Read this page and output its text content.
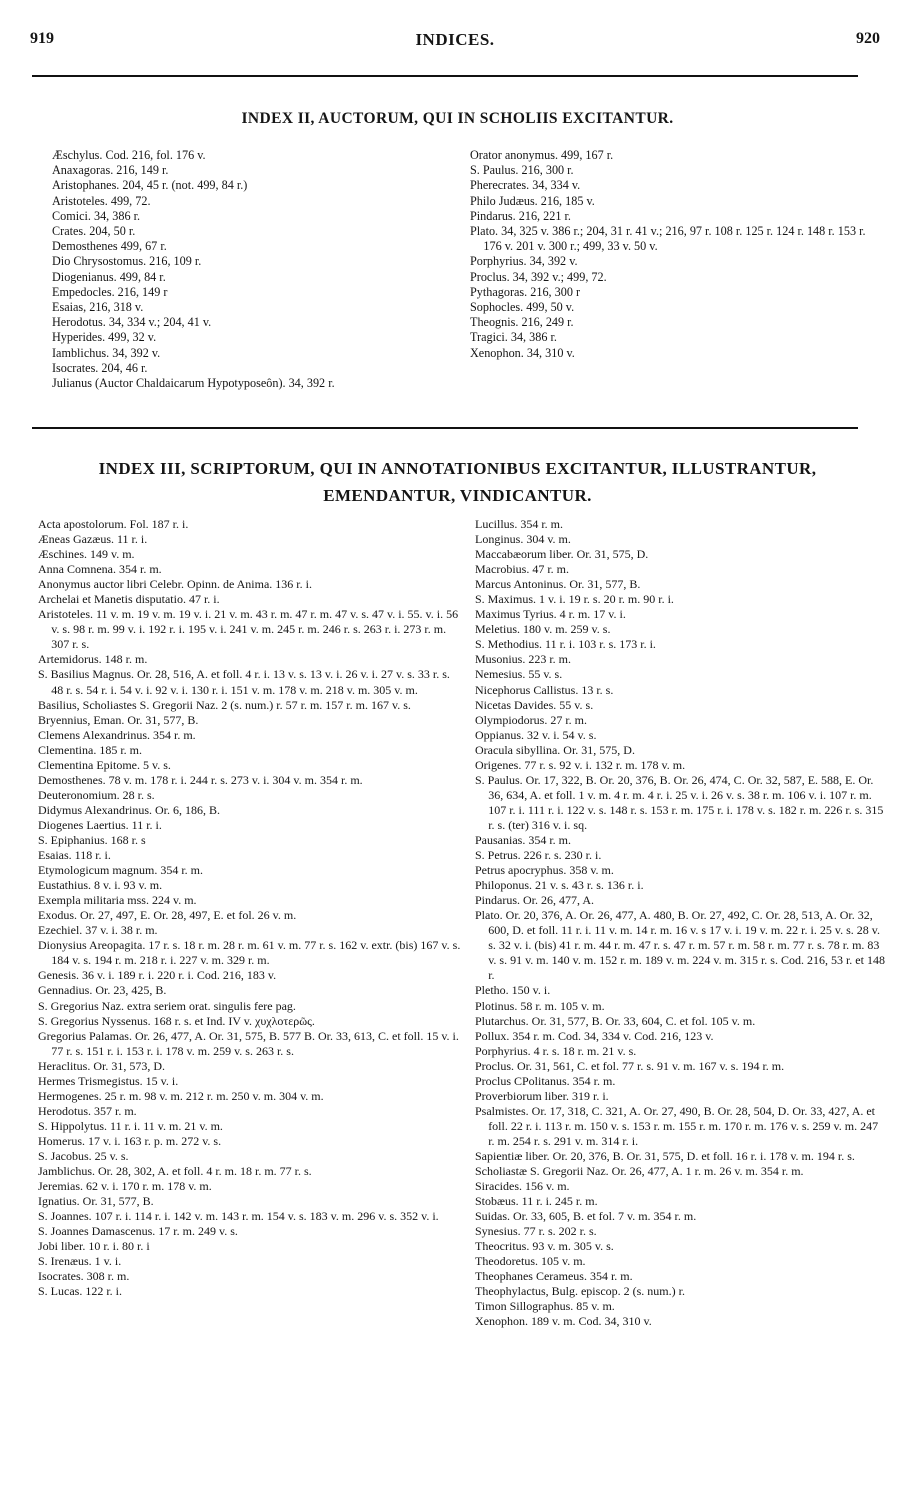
919	INDICES.	920
INDEX II, AUCTORUM, QUI IN SCHOLIIS EXCITANTUR.

Æschylus. Cod. 216, fol. 176 v.

Anaxagoras. 216, 149 r.

Aristophanes. 204, 45 r. (not. 499, 84 r.)

Aristoteles. 499, 72.

Comici. 34, 386 r.

Crates. 204, 50 r.

Demosthenes 499, 67 r.

Dio Chrysostomus. 216, 109 r.

Diogenianus. 499, 84 r.

Empedocles. 216, 149 r

Esaias, 216, 318 v.

Herodotus. 34, 334 v.; 204, 41 v.

Hyperides. 499, 32 v.

Iamblichus. 34, 392 v.

Isocrates. 204, 46 r.

Julianus (Auctor Chaldaicarum Hypotyposeôn). 34, 392 r.

Orator anonymus. 499, 167 r.

S. Paulus. 216, 300 r.

Pherecrates. 34, 334 v.

Philo Judæus. 216, 185 v.

Pindarus. 216, 221 r.

Plato. 34, 325 v. 386 r.; 204, 31 r. 41 v.; 216, 97 r. 108 r. 125 r. 124 r. 148 r. 153 r. 176 v. 201 v. 300 r.; 499, 33 v. 50 v.

Porphyrius. 34, 392 v.

Proclus. 34, 392 v.; 499, 72.

Pythagoras. 216, 300 r

Sophocles. 499, 50 v.

Theognis. 216, 249 r.

Tragici. 34, 386 r.

Xenophon. 34, 310 v.

INDEX III, SCRIPTORUM, QUI IN ANNOTATIONIBUS EXCITANTUR, ILLUSTRANTUR,
EMENDANTUR, VINDICANTUR.

Acta apostolorum. Fol. 187 r. i.

Æneas Gazæus. 11 r. i.

Æschines. 149 v. m.

Anna Comnena. 354 r. m.

Anonymus auctor libri Celebr. Opinn. de Anima. 136 r. i.

Archelai et Manetis disputatio. 47 r. i.

Aristoteles. 11 v. m. 19 v. m. 19 v. i. 21 v. m. 43 r. m. 47 r. m. 47 v. s. 47 v. i. 55. v. i. 56 v. s. 98 r. m. 99 v. i. 192 r. i. 195 v. i. 241 v. m. 245 r. m. 246 r. s. 263 r. i. 273 r. m. 307 r. s.

Artemidorus. 148 r. m.

S. Basilius Magnus. Or. 28, 516, A. et foll. 4 r. i. 13 v. s. 13 v. i. 26 v. i. 27 v. s. 33 r. s. 48 r. s. 54 r. i. 54 v. i. 92 v. i. 130 r. i. 151 v. m. 178 v. m. 218 v. m. 305 v. m.

Basilius, Scholiastes S. Gregorii Naz. 2 (s. num.) r. 57 r. m. 157 r. m. 167 v. s.

Bryennius, Eman. Or. 31, 577, B.

Clemens Alexandrinus. 354 r. m.

Clementina. 185 r. m.

Clementina Epitome. 5 v. s.

Demosthenes. 78 v. m. 178 r. i. 244 r. s. 273 v. i. 304 v. m. 354 r. m.

Deuteronomium. 28 r. s.

Didymus Alexandrinus. Or. 6, 186, B.

Diogenes Laertius. 11 r. i.

S. Epiphanius. 168 r. s

Esaias. 118 r. i.

Etymologicum magnum. 354 r. m.

Eustathius. 8 v. i. 93 v. m.

Exempla militaria mss. 224 v. m.

Exodus. Or. 27, 497, E. Or. 28, 497, E. et fol. 26 v. m.

Ezechiel. 37 v. i. 38 r. m.

Dionysius Areopagita. 17 r. s. 18 r. m. 28 r. m. 61 v. m. 77 r. s. 162 v. extr. (bis) 167 v. s. 184 v. s. 194 r. m. 218 r. i. 227 v. m. 329 r. m.

Genesis. 36 v. i. 189 r. i. 220 r. i. Cod. 216, 183 v.

Gennadius. Or. 23, 425, B.

S. Gregorius Naz. extra seriem orat. singulis fere pag.

S. Gregorius Nyssenus. 168 r. s. et Ind. IV v. χυχλοτερῶς.

Gregorius Palamas. Or. 26, 477, A. Or. 31, 575, B. 577 B. Or. 33, 613, C. et foll. 15 v. i. 77 r. s. 151 r. i. 153 r. i. 178 v. m. 259 v. s. 263 r. s.

Heraclitus. Or. 31, 573, D.

Hermes Trismegistus. 15 v. i.

Hermogenes. 25 r. m. 98 v. m. 212 r. m. 250 v. m. 304 v. m.

Herodotus. 357 r. m.

S. Hippolytus. 11 r. i. 11 v. m. 21 v. m.

Homerus. 17 v. i. 163 r. p. m. 272 v. s.

S. Jacobus. 25 v. s.

Jamblichus. Or. 28, 302, A. et foll. 4 r. m. 18 r. m. 77 r. s.

Jeremias. 62 v. i. 170 r. m. 178 v. m.

Ignatius. Or. 31, 577, B.

S. Joannes. 107 r. i. 114 r. i. 142 v. m. 143 r. m. 154 v. s. 183 v. m. 296 v. s. 352 v. i.

S. Joannes Damascenus. 17 r. m. 249 v. s.

Jobi liber. 10 r. i. 80 r. i

S. Irenæus. 1 v. i.

Isocrates. 308 r. m.

S. Lucas. 122 r. i.

Lucillus. 354 r. m.

Longinus. 304 v. m.

Maccabæorum liber. Or. 31, 575, D.

Macrobius. 47 r. m.

Marcus Antoninus. Or. 31, 577, B.

S. Maximus. 1 v. i. 19 r. s. 20 r. m. 90 r. i.

Maximus Tyrius. 4 r. m. 17 v. i.

Meletius. 180 v. m. 259 v. s.

S. Methodius. 11 r. i. 103 r. s. 173 r. i.

Musonius. 223 r. m.

Nemesius. 55 v. s.

Nicephorus Callistus. 13 r. s.

Nicetas Davides. 55 v. s.

Olympiodorus. 27 r. m.

Oppianus. 32 v. i. 54 v. s.

Oracula sibyllina. Or. 31, 575, D.

Origenes. 77 r. s. 92 v. i. 132 r. m. 178 v. m.

S. Paulus. Or. 17, 322, B. Or. 20, 376, B. Or. 26, 474, C. Or. 32, 587, E. 588, E. Or. 36, 634, A. et foll. 1 v. m. 4 r. m. 4 r. i. 25 v. i. 26 v. s. 38 r. m. 106 v. i. 107 r. m. 107 r. i. 111 r. i. 122 v. s. 148 r. s. 153 r. m. 175 r. i. 178 v. s. 182 r. m. 226 r. s. 315 r. s. (ter) 316 v. i. sq.

Pausanias. 354 r. m.

S. Petrus. 226 r. s. 230 r. i.

Petrus apocryphus. 358 v. m.

Philoponus. 21 v. s. 43 r. s. 136 r. i.

Pindarus. Or. 26, 477, A.

Plato. Or. 20, 376, A. Or. 26, 477, A. 480, B. Or. 27, 492, C. Or. 28, 513, A. Or. 32, 600, D. et foll. 11 r. i. 11 v. m. 14 r. m. 16 v. s 17 v. i. 19 v. m. 22 r. i. 25 v. s. 28 v. s. 32 v. i. (bis) 41 r. m. 44 r. m. 47 r. s. 47 r. m. 57 r. m. 58 r. m. 77 r. s. 78 r. m. 83 v. s. 91 v. m. 140 v. m. 152 r. m. 189 v. m. 224 v. m. 315 r. s. Cod. 216, 53 r. et 148 r.

Pletho. 150 v. i.

Plotinus. 58 r. m. 105 v. m.

Plutarchus. Or. 31, 577, B. Or. 33, 604, C. et fol. 105 v. m.

Pollux. 354 r. m. Cod. 34, 334 v. Cod. 216, 123 v.

Porphyrius. 4 r. s. 18 r. m. 21 v. s.

Proclus. Or. 31, 561, C. et fol. 77 r. s. 91 v. m. 167 v. s. 194 r. m.

Proclus CPolitanus. 354 r. m.

Proverbiorum liber. 319 r. i.

Psalmistes. Or. 17, 318, C. 321, A. Or. 27, 490, B. Or. 28, 504, D. Or. 33, 427, A. et foll. 22 r. i. 113 r. m. 150 v. s. 153 r. m. 155 r. m. 170 r. m. 176 v. s. 259 v. m. 247 r. m. 254 r. s. 291 v. m. 314 r. i.

Sapientiæ liber. Or. 20, 376, B. Or. 31, 575, D. et foll. 16 r. i. 178 v. m. 194 r. s.

Scholiastæ S. Gregorii Naz. Or. 26, 477, A. 1 r. m. 26 v. m. 354 r. m.

Siracides. 156 v. m.

Stobæus. 11 r. i. 245 r. m.

Suidas. Or. 33, 605, B. et fol. 7 v. m. 354 r. m.

Synesius. 77 r. s. 202 r. s.

Theocritus. 93 v. m. 305 v. s.

Theodoretus. 105 v. m.

Theophanes Cerameus. 354 r. m.

Theophylactus, Bulg. episcop. 2 (s. num.) r.

Timon Sillographus. 85 v. m.

Xenophon. 189 v. m. Cod. 34, 310 v.
